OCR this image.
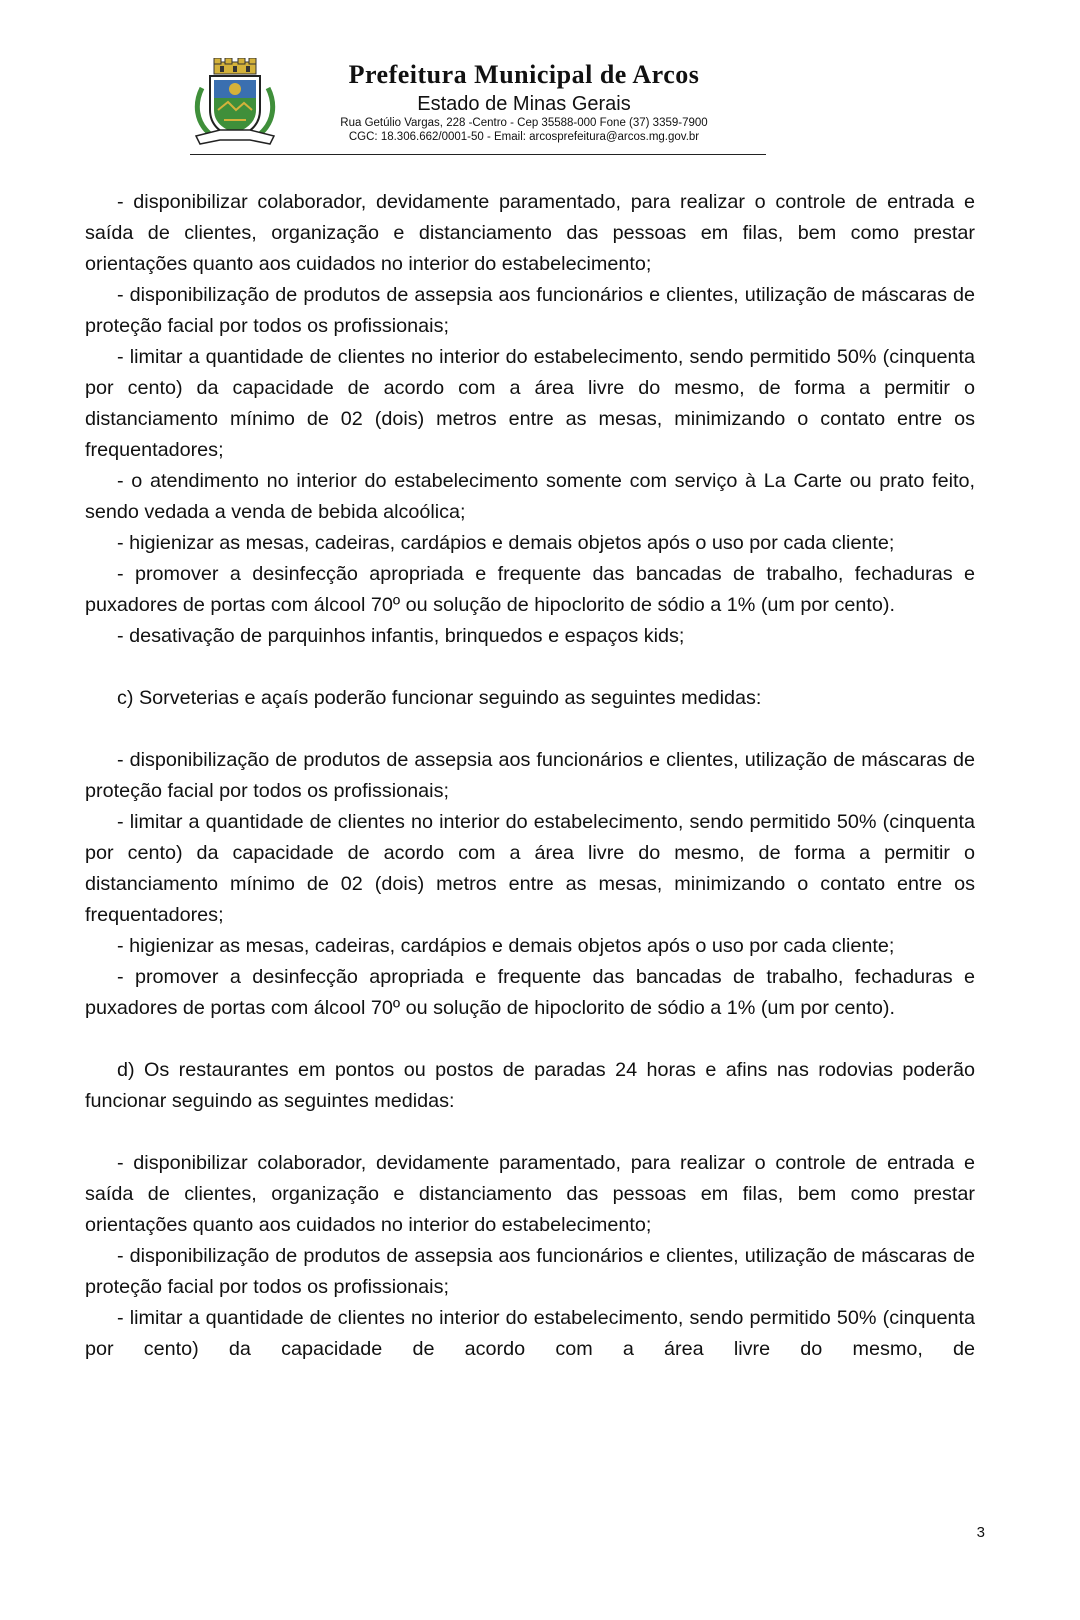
Prefeitura Municipal de Arcos
Estado de Minas Gerais
Rua Getúlio Vargas, 228 -Centro - Cep 35588-000 Fone (37) 3359-7900
CGC: 18.306.662/0001-50 - Email: arcosprefeitura@arcos.mg.gov.br

- disponibilizar colaborador, devidamente paramentado, para realizar o controle de entrada e saída de clientes, organização e distanciamento das pessoas em filas, bem como prestar orientações quanto aos cuidados no interior do estabelecimento;

- disponibilização de produtos de assepsia aos funcionários e clientes, utilização de máscaras de proteção facial por todos os profissionais;

- limitar a quantidade de clientes no interior do estabelecimento, sendo permitido 50% (cinquenta por cento) da capacidade de acordo com a área livre do mesmo, de forma a permitir o distanciamento mínimo de 02 (dois) metros entre as mesas, minimizando o contato entre os frequentadores;

- o atendimento no interior do estabelecimento somente com serviço à La Carte ou prato feito, sendo vedada a venda de bebida alcoólica;

- higienizar as mesas, cadeiras, cardápios e demais objetos após o uso por cada cliente;

- promover a desinfecção apropriada e frequente das bancadas de trabalho, fechaduras e puxadores de portas com álcool 70º ou solução de hipoclorito de sódio a 1% (um por cento).

- desativação de parquinhos infantis, brinquedos e espaços kids;

c) Sorveterias e açaís poderão funcionar seguindo as seguintes medidas:

- disponibilização de produtos de assepsia aos funcionários e clientes, utilização de máscaras de proteção facial por todos os profissionais;

- limitar a quantidade de clientes no interior do estabelecimento, sendo permitido 50% (cinquenta por cento) da capacidade de acordo com a área livre do mesmo, de forma a permitir o distanciamento mínimo de 02 (dois) metros entre as mesas, minimizando o contato entre os frequentadores;

- higienizar as mesas, cadeiras, cardápios e demais objetos após o uso por cada cliente;

- promover a desinfecção apropriada e frequente das bancadas de trabalho, fechaduras e puxadores de portas com álcool 70º ou solução de hipoclorito de sódio a 1% (um por cento).

d) Os restaurantes em pontos ou postos de paradas 24 horas e afins nas rodovias poderão funcionar seguindo as seguintes medidas:

- disponibilizar colaborador, devidamente paramentado, para realizar o controle de entrada e saída de clientes, organização e distanciamento das pessoas em filas, bem como prestar orientações quanto aos cuidados no interior do estabelecimento;

- disponibilização de produtos de assepsia aos funcionários e clientes, utilização de máscaras de proteção facial por todos os profissionais;

- limitar a quantidade de clientes no interior do estabelecimento, sendo permitido 50% (cinquenta por cento) da capacidade de acordo com a área livre do mesmo, de

3
